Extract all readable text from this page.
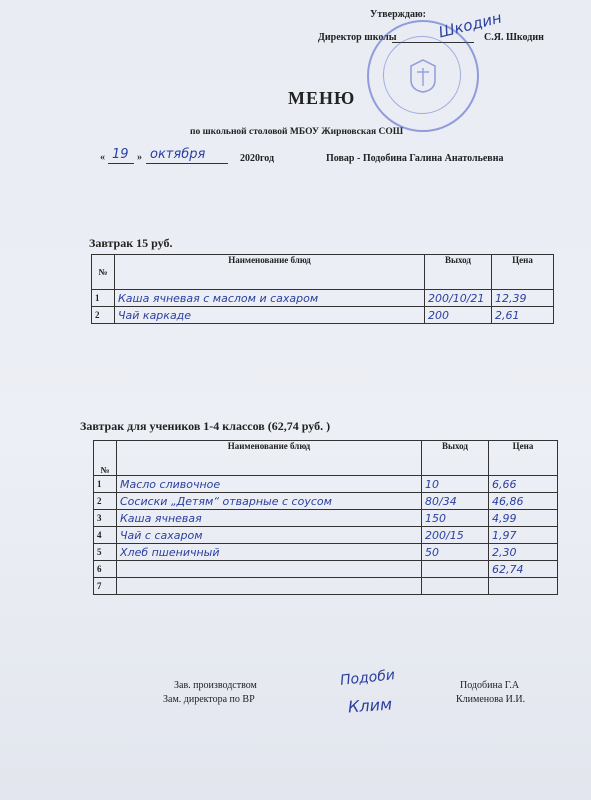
Утверждаю:
Директор школы	С.Я. Шкодин
Шкодин
МЕНЮ
по школьной столовой МБОУ Жирновская СОШ
« 19 » октября	2020год	Повар - Подобина Галина Анатольевна
Завтрак 15 руб.
№	Наименование блюд	Выход	Цена
1	Каша ячневая с маслом и сахаром	200/10/21	12,39
2	Чай каркаде	200	2,61
Завтрак для учеников 1-4 классов (62,74 руб. )
№	Наименование блюд	Выход	Цена
1	Масло сливочное	10	6,66
2	Сосиски „Детям“ отварные с соусом	80/34	46,86
3	Каша ячневая	150	4,99
4	Чай с сахаром	200/15	1,97
5	Хлеб пшеничный	50	2,30
6			62,74
7			
Зав. производством
Зам. директора по ВР
Подоби
Клим
Подобина Г.А
Клименова И.И.
